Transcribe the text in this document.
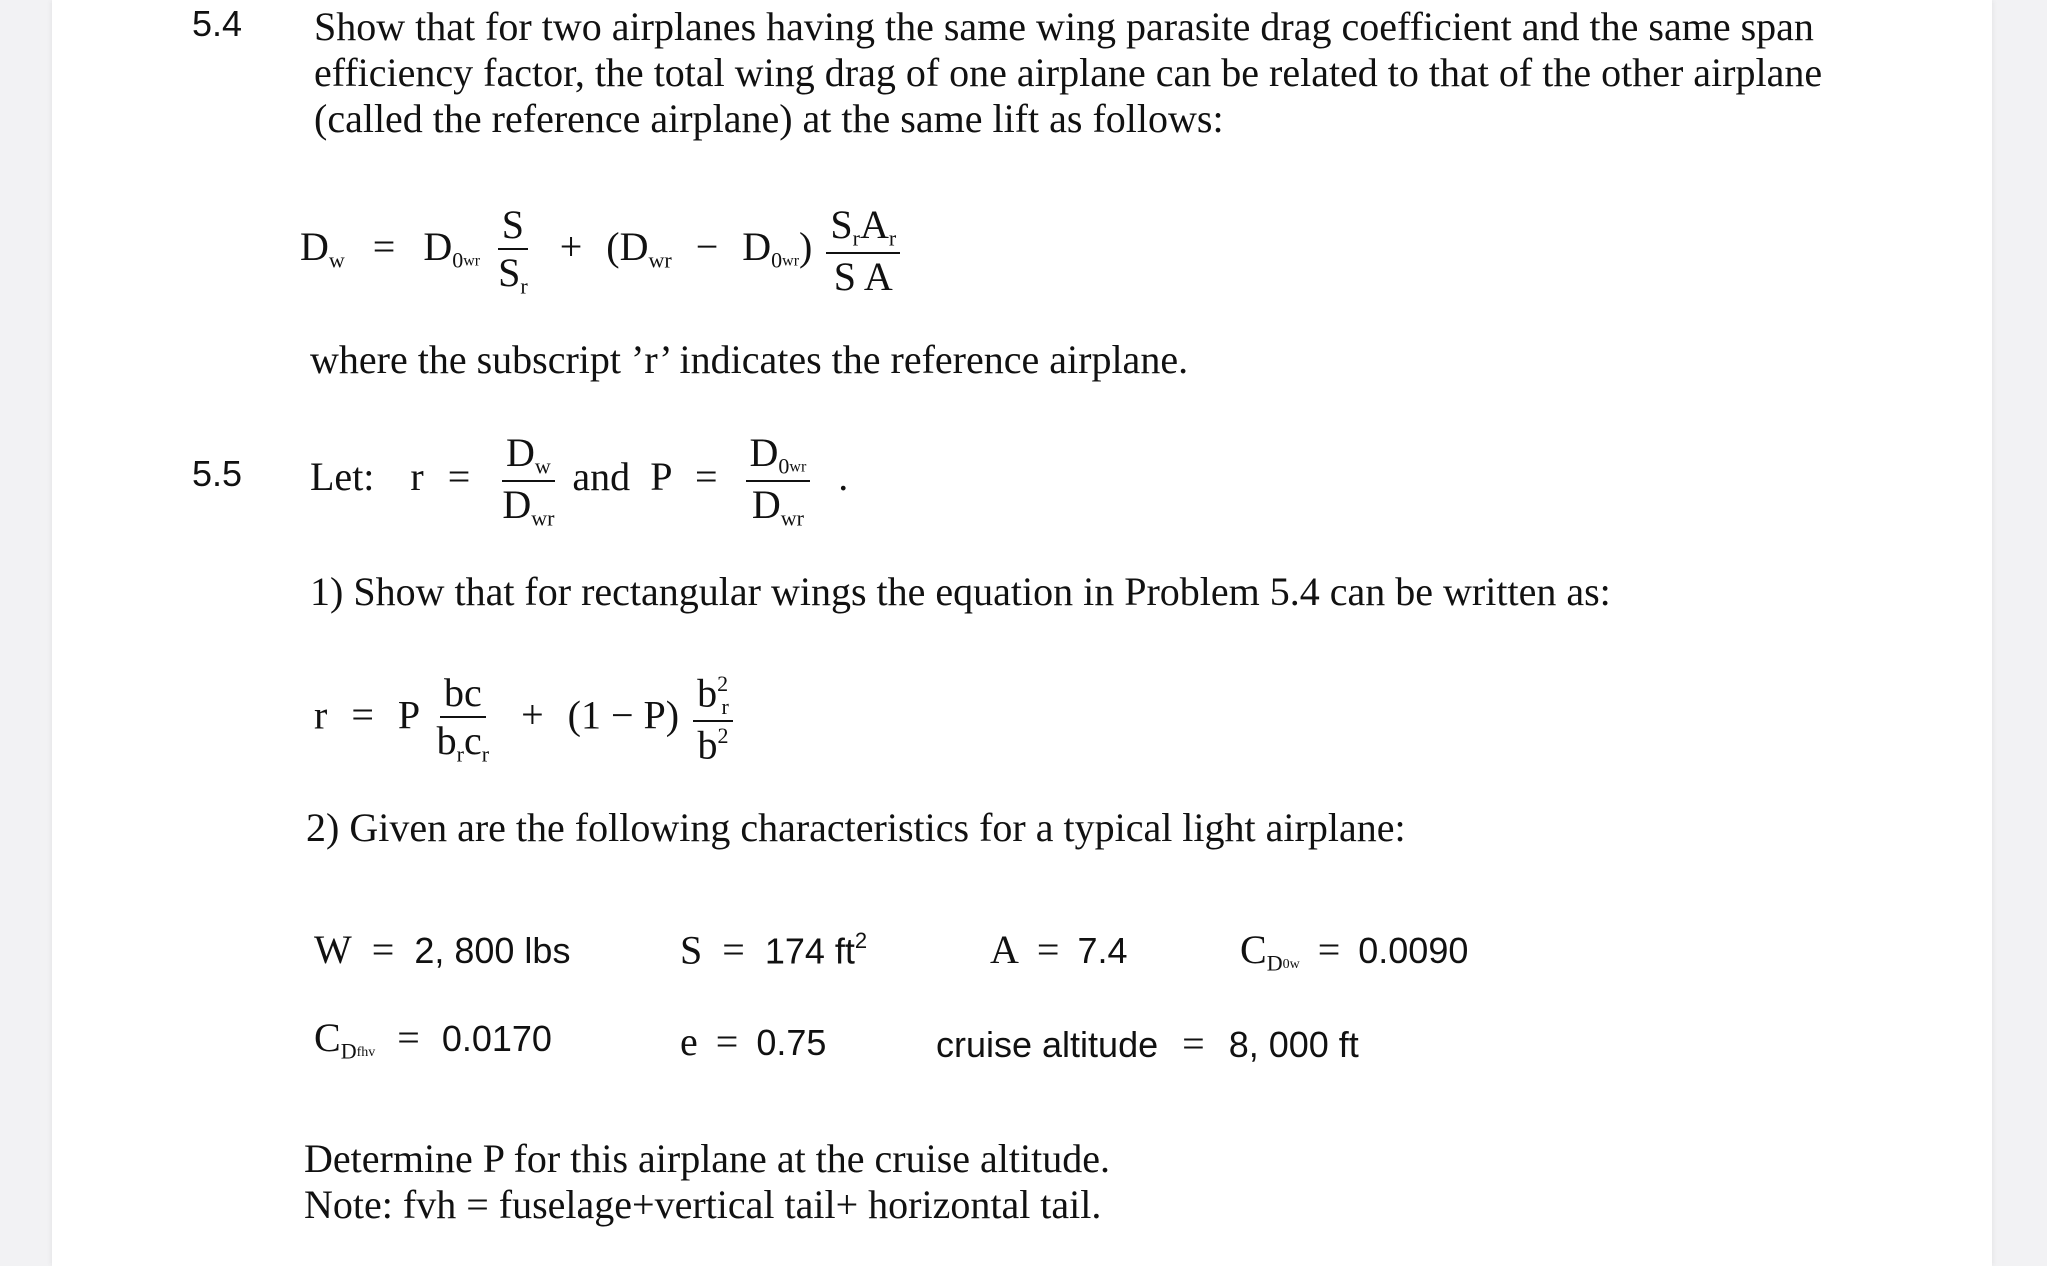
5.4 Show that for two airplanes having the same wing parasite drag coefficient and the same span
efficiency factor, the total wing drag of one airplane can be related to that of the other airplane
(called the reference airplane) at the same lift as follows:
$D_w = D_{0wr} \frac{S}{S_r} + (D_{wr} - D_{0wr}) \frac{S_rA_r}{\text{S A}}$
where the subscript ’r’ indicates the reference airplane.
5.5 Let: $r = \frac{D_w}{D_{wr}}$ and $P = \frac{D_{0wr}}{D_{wr}}$ .
1) Show that for rectangular wings the equation in Problem 5.4 can be written as:
r = P $\frac{bc}{b_rc_r} + (1 - P) \frac{b^2_r}{b^2}$
2) Given are the following characteristics for a typical light airplane:
W = 2, 800 lbs	S = 174 $ft^2$	A = 7.4	$C_{D0w} = 0.0090$
$C_{Dfhv} = 0.0170$	e = 0.75	cruise altitude = 8, 000 ft
Determine P for this airplane at the cruise altitude.
Note: fvh = fuselage+vertical tail+ horizontal tail.
